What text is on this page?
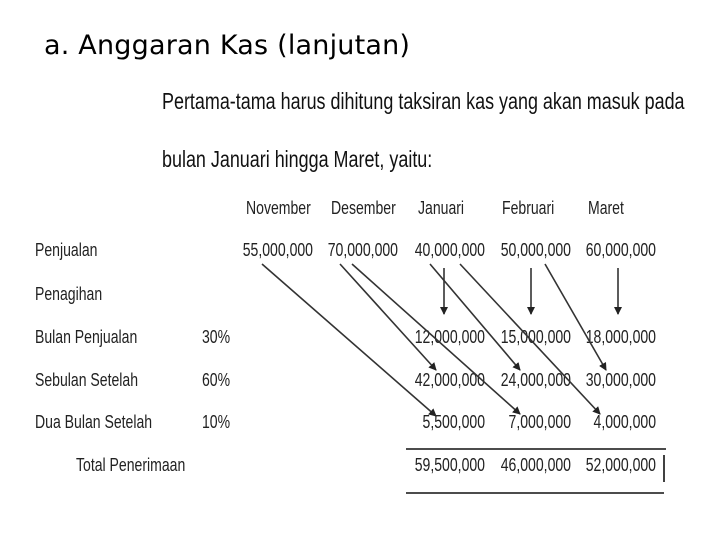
a. Anggaran Kas (lanjutan)
Pertama-tama harus dihitung taksiran kas yang akan masuk pada
bulan Januari hingga Maret, yaitu:
November Desember Januari Februari Maret
Penjualan
Penagihan
Bulan Penjualan
Sebulan Setelah
Dua Bulan Setelah
Total Penerimaan
30%
60%
10%
55,000,000 70,000,000 40,000,000 50,000,000 60,000,000
12,000,000 15,000,000 18,000,000
42,000,000 24,000,000 30,000,000
5,500,000	7,000,000	4,000,000
59,500,000 46,000,000 52,000,000
